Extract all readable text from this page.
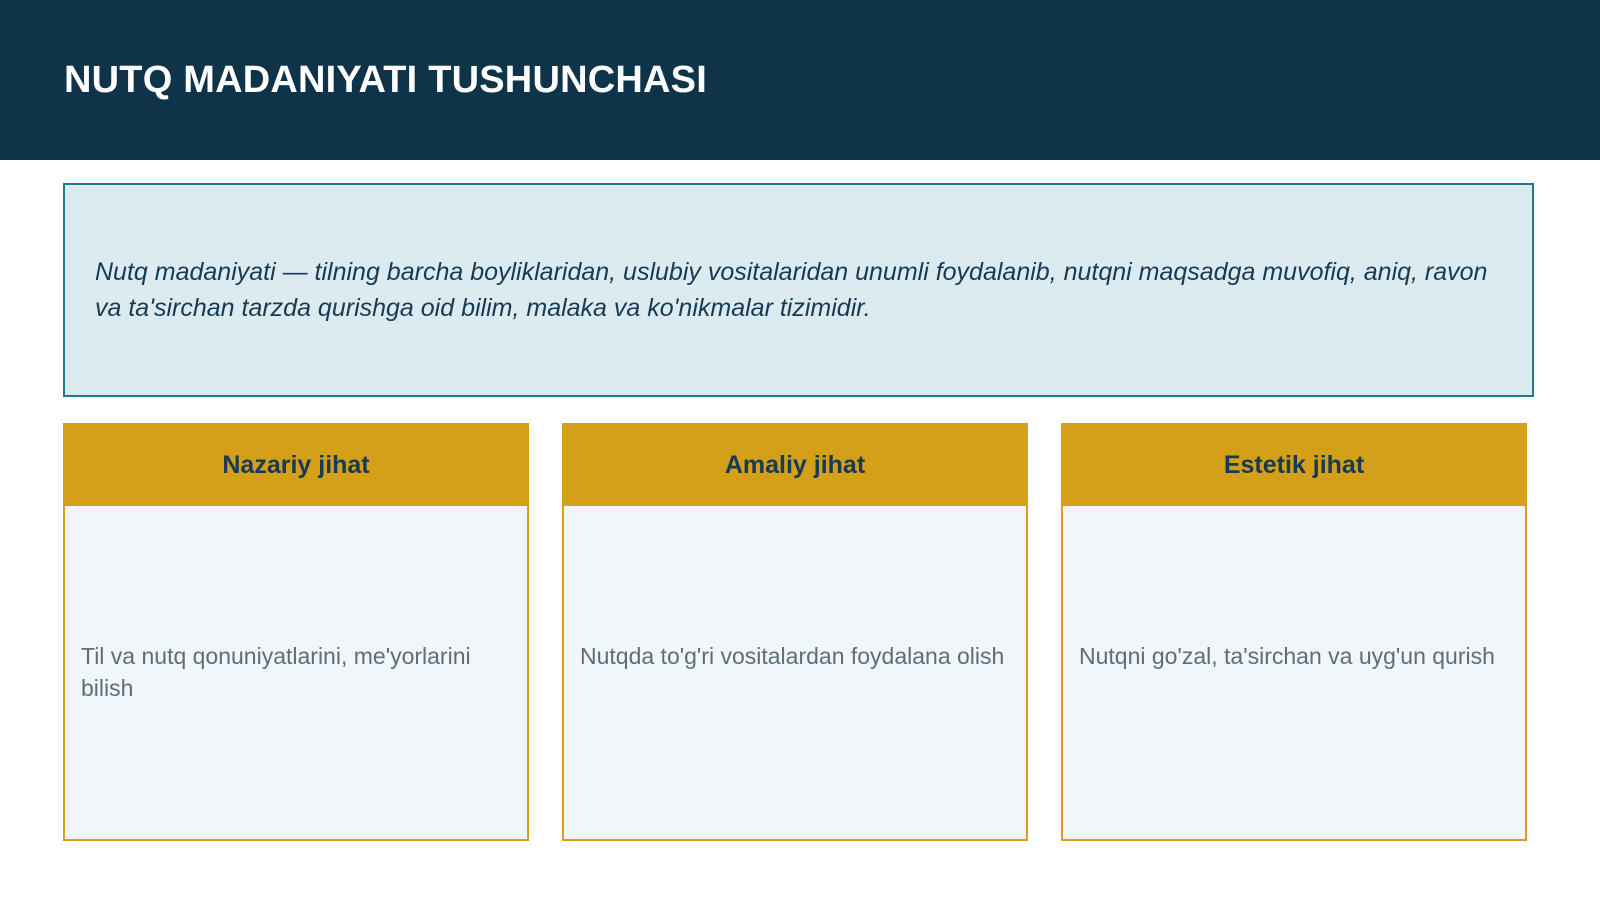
NUTQ MADANIYATI TUSHUNCHASI

Nutq madaniyati — tilning barcha boyliklaridan, uslubiy vositalaridan unumli foydalanib, nutqni maqsadga muvofiq, aniq, ravon va ta'sirchan tarzda qurishga oid bilim, malaka va ko'nikmalar tizimidir.

Nazariy jihat

Til va nutq qonuniyatlarini, me'yorlarini bilish

Amaliy jihat

Nutqda to'g'ri vositalardan foydalana olish

Estetik jihat

Nutqni go'zal, ta'sirchan va uyg'un qurish
